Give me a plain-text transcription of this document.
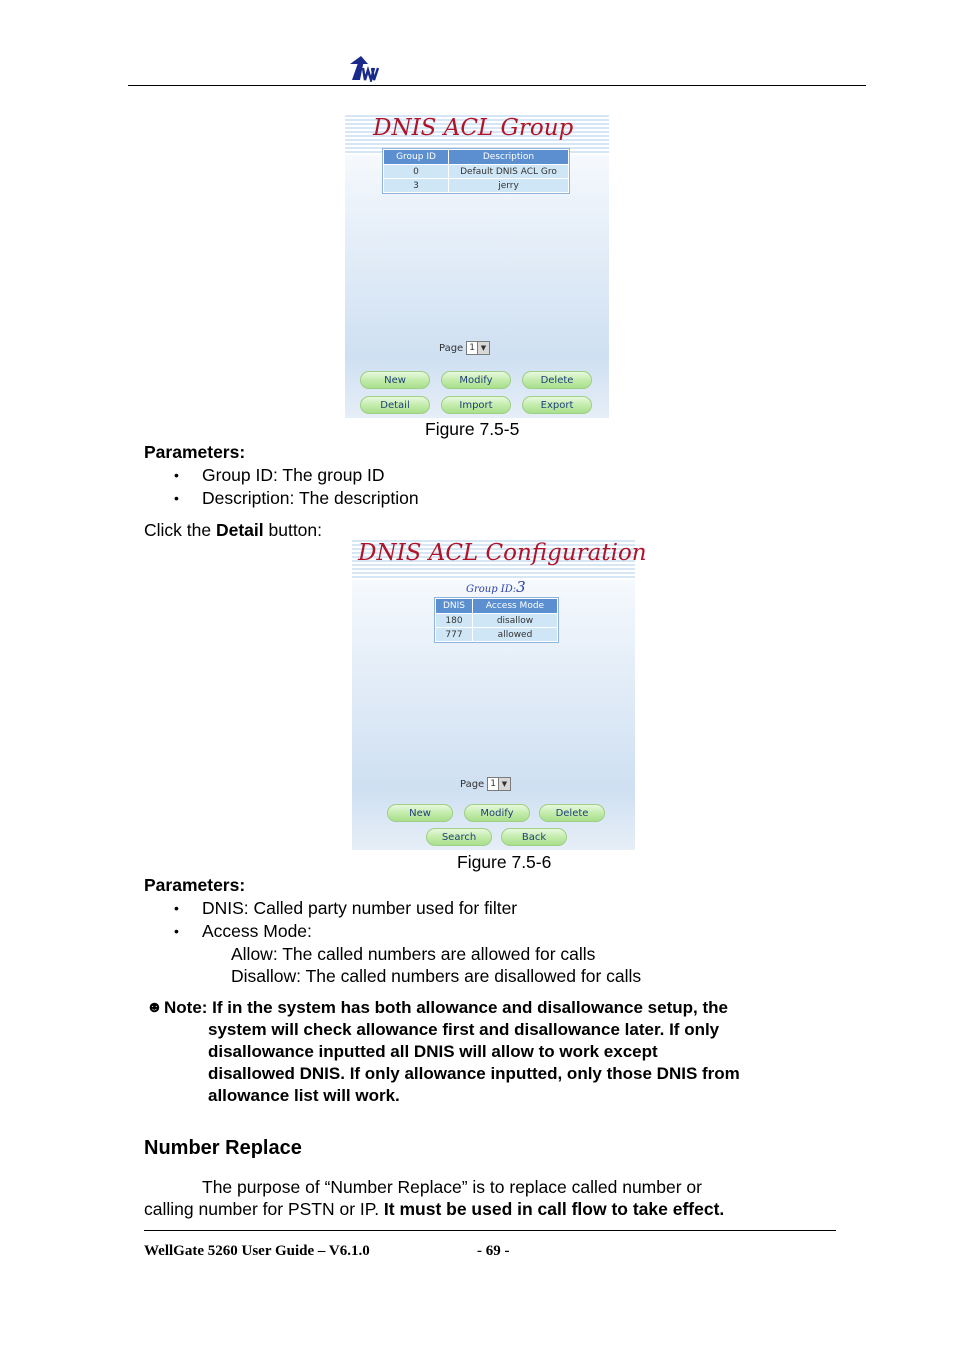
DNIS ACL Group
Group ID	Description
0	Default DNIS ACL Gro
3	jerry
Page 1 ▼
New	Modify	Delete
Detail	Import	Export
Figure 7.5-5
Parameters:
• Group ID: The group ID
• Description: The description
Click the Detail button:
DNIS ACL Configuration
Group ID:3
DNIS	Access Mode
180	disallow
777	allowed
Page 1 ▼
New	Modify	Delete
Search	Back
Figure 7.5-6
Parameters:
• DNIS: Called party number used for filter
• Access Mode:
Allow: The called numbers are allowed for calls
Disallow: The called numbers are disallowed for calls
☻ Note: If in the system has both allowance and disallowance setup, the
system will check allowance first and disallowance later. If only
disallowance inputted all DNIS will allow to work except
disallowed DNIS. If only allowance inputted, only those DNIS from
allowance list will work.
Number Replace
The purpose of “Number Replace” is to replace called number or
calling number for PSTN or IP. It must be used in call flow to take effect.
WellGate 5260 User Guide – V6.1.0	- 69 -
